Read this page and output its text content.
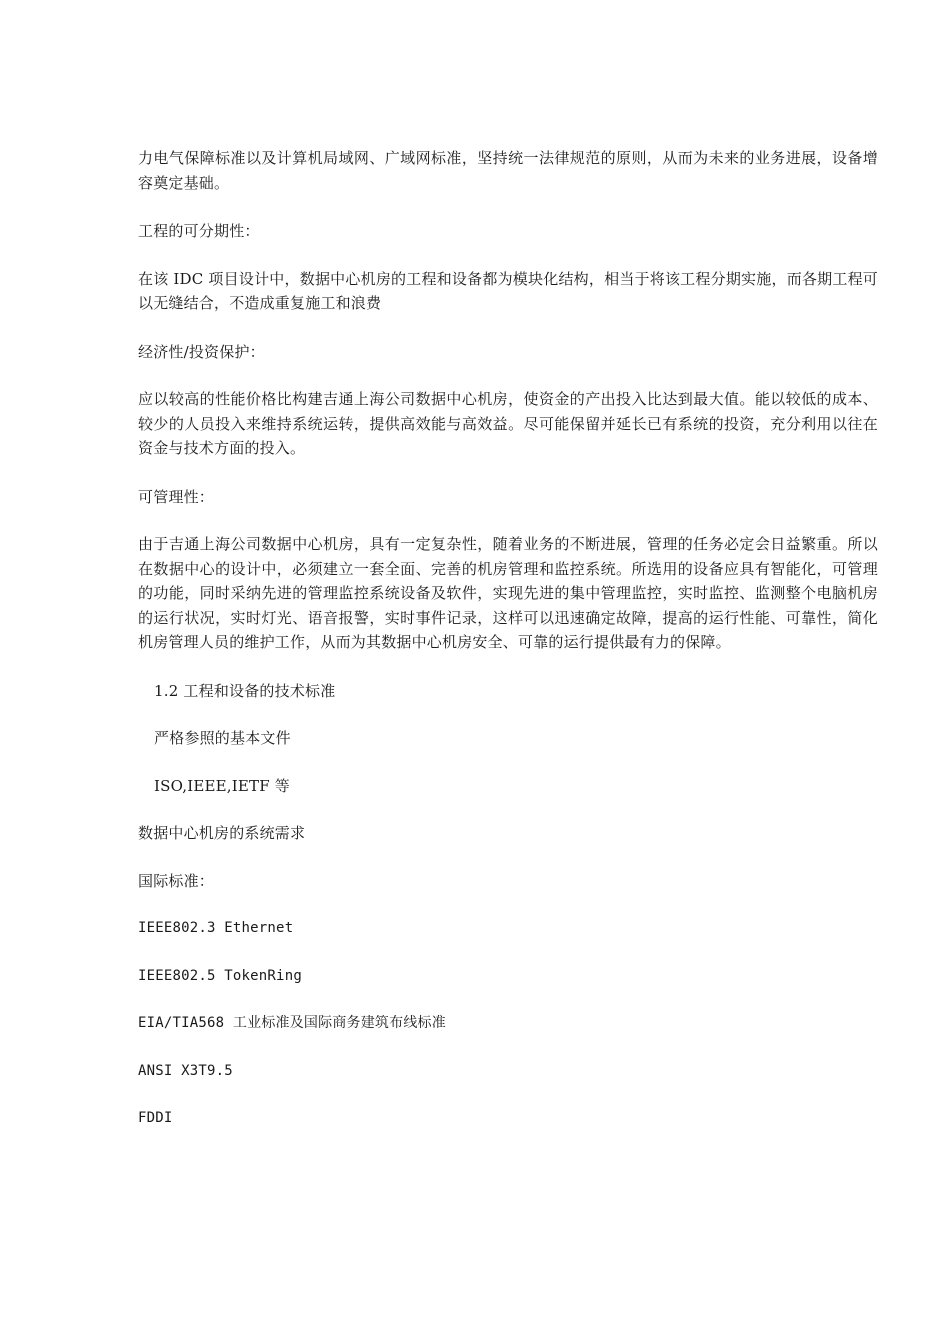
力电气保障标准以及计算机局域网、广域网标准，坚持统一法律规范的原则，从而为未来的业务进展，设备增容奠定基础。

工程的可分期性：

在该 IDC 项目设计中，数据中心机房的工程和设备都为模块化结构，相当于将该工程分期实施，而各期工程可以无缝结合，不造成重复施工和浪费

经济性/投资保护：

应以较高的性能价格比构建吉通上海公司数据中心机房，使资金的产出投入比达到最大值。能以较低的成本、较少的人员投入来维持系统运转，提供高效能与高效益。尽可能保留并延长已有系统的投资，充分利用以往在资金与技术方面的投入。

可管理性：

由于吉通上海公司数据中心机房，具有一定复杂性，随着业务的不断进展，管理的任务必定会日益繁重。所以在数据中心的设计中，必须建立一套全面、完善的机房管理和监控系统。所选用的设备应具有智能化，可管理的功能，同时采纳先进的管理监控系统设备及软件，实现先进的集中管理监控，实时监控、监测整个电脑机房的运行状况，实时灯光、语音报警，实时事件记录，这样可以迅速确定故障，提高的运行性能、可靠性，简化机房管理人员的维护工作，从而为其数据中心机房安全、可靠的运行提供最有力的保障。

1.2 工程和设备的技术标准

严格参照的基本文件

ISO,IEEE,IETF 等

数据中心机房的系统需求

国际标准：

IEEE802.3 Ethernet

IEEE802.5 TokenRing

EIA/TIA568 工业标准及国际商务建筑布线标准

ANSI X3T9.5

FDDI
